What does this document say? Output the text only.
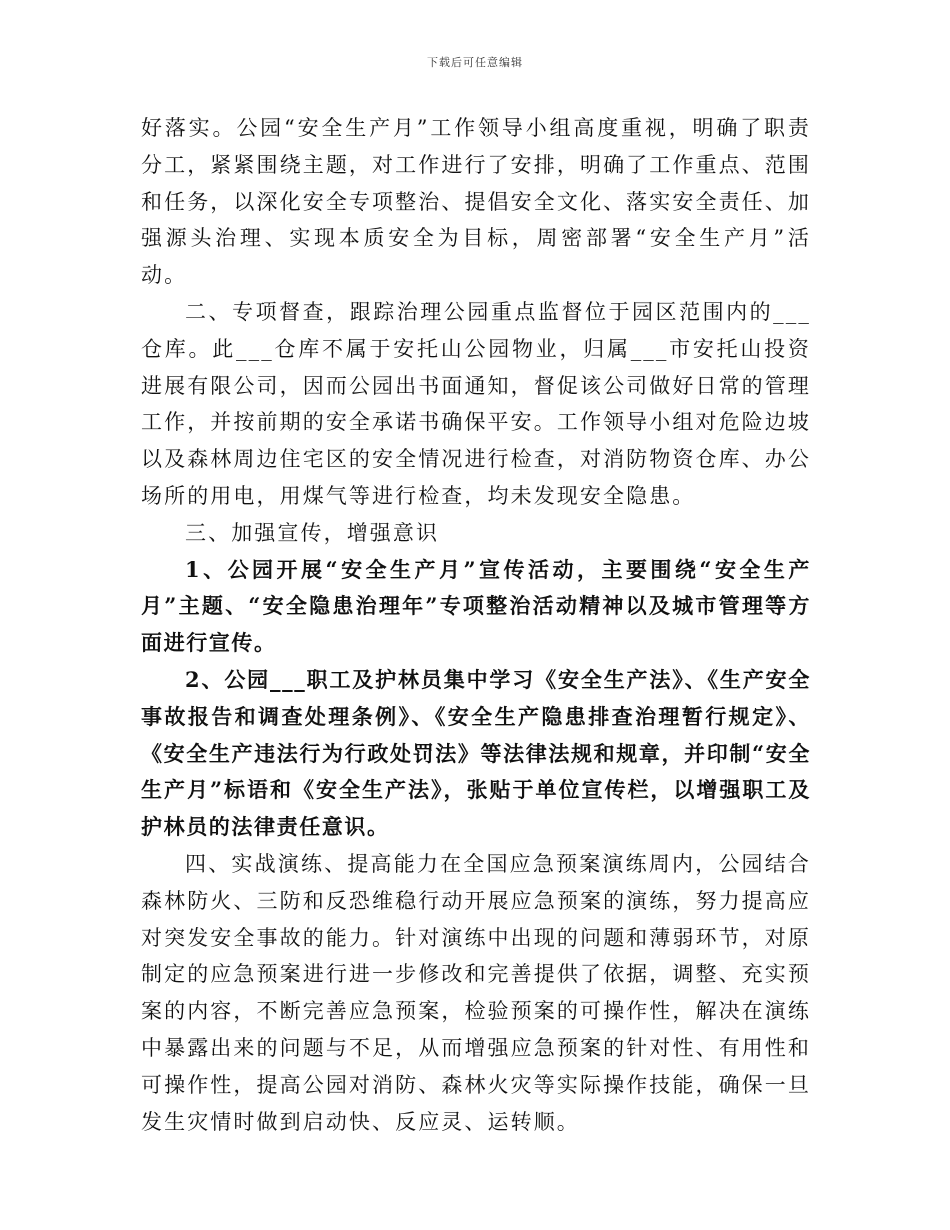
下载后可任意编辑

好落实。公园“安全生产月”工作领导小组高度重视，明确了职责分工，紧紧围绕主题，对工作进行了安排，明确了工作重点、范围和任务，以深化安全专项整治、提倡安全文化、落实安全责任、加强源头治理、实现本质安全为目标，周密部署“安全生产月”活动。

二、专项督查，跟踪治理公园重点监督位于园区范围内的___仓库。此___仓库不属于安托山公园物业，归属___市安托山投资进展有限公司，因而公园出书面通知，督促该公司做好日常的管理工作，并按前期的安全承诺书确保平安。工作领导小组对危险边坡以及森林周边住宅区的安全情况进行检查，对消防物资仓库、办公场所的用电，用煤气等进行检查，均未发现安全隐患。

三、加强宣传，增强意识

1、公园开展“安全生产月”宣传活动，主要围绕“安全生产月”主题、“安全隐患治理年”专项整治活动精神以及城市管理等方面进行宣传。

2、公园___职工及护林员集中学习《安全生产法》、《生产安全事故报告和调查处理条例》、《安全生产隐患排查治理暂行规定》、《安全生产违法行为行政处罚法》等法律法规和规章，并印制“安全生产月”标语和《安全生产法》，张贴于单位宣传栏，以增强职工及护林员的法律责任意识。

四、实战演练、提高能力在全国应急预案演练周内，公园结合森林防火、三防和反恐维稳行动开展应急预案的演练，努力提高应对突发安全事故的能力。针对演练中出现的问题和薄弱环节，对原制定的应急预案进行进一步修改和完善提供了依据，调整、充实预案的内容，不断完善应急预案，检验预案的可操作性，解决在演练中暴露出来的问题与不足，从而增强应急预案的针对性、有用性和可操作性，提高公园对消防、森林火灾等实际操作技能，确保一旦发生灾情时做到启动快、反应灵、运转顺。
